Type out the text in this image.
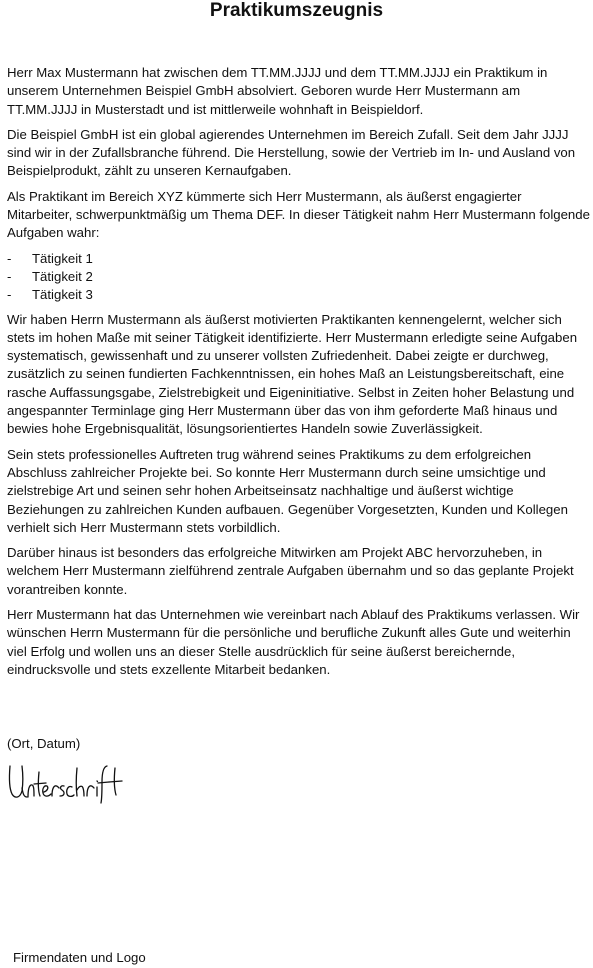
Praktikumszeugnis

Herr Max Mustermann hat zwischen dem TT.MM.JJJJ und dem TT.MM.JJJJ ein Praktikum in unserem Unternehmen Beispiel GmbH absolviert. Geboren wurde Herr Mustermann am TT.MM.JJJJ in Musterstadt und ist mittlerweile wohnhaft in Beispieldorf.

Die Beispiel GmbH ist ein global agierendes Unternehmen im Bereich Zufall. Seit dem Jahr JJJJ sind wir in der Zufallsbranche führend. Die Herstellung, sowie der Vertrieb im In- und Ausland von Beispielprodukt, zählt zu unseren Kernaufgaben.

Als Praktikant im Bereich XYZ kümmerte sich Herr Mustermann, als äußerst engagierter Mitarbeiter, schwerpunktmäßig um Thema DEF. In dieser Tätigkeit nahm Herr Mustermann folgende Aufgaben wahr:

- Tätigkeit 1
- Tätigkeit 2
- Tätigkeit 3

Wir haben Herrn Mustermann als äußerst motivierten Praktikanten kennengelernt, welcher sich stets im hohen Maße mit seiner Tätigkeit identifizierte. Herr Mustermann erledigte seine Aufgaben systematisch, gewissenhaft und zu unserer vollsten Zufriedenheit. Dabei zeigte er durchweg, zusätzlich zu seinen fundierten Fachkenntnissen, ein hohes Maß an Leistungsbereitschaft, eine rasche Auffassungsgabe, Zielstrebigkeit und Eigeninitiative. Selbst in Zeiten hoher Belastung und angespannter Terminlage ging Herr Mustermann über das von ihm geforderte Maß hinaus und bewies hohe Ergebnisqualität, lösungsorientiertes Handeln sowie Zuverlässigkeit.

Sein stets professionelles Auftreten trug während seines Praktikums zu dem erfolgreichen Abschluss zahlreicher Projekte bei. So konnte Herr Mustermann durch seine umsichtige und zielstrebige Art und seinen sehr hohen Arbeitseinsatz nachhaltige und äußerst wichtige Beziehungen zu zahlreichen Kunden aufbauen. Gegenüber Vorgesetzten, Kunden und Kollegen verhielt sich Herr Mustermann stets vorbildlich.

Darüber hinaus ist besonders das erfolgreiche Mitwirken am Projekt ABC hervorzuheben, in welchem Herr Mustermann zielführend zentrale Aufgaben übernahm und so das geplante Projekt vorantreiben konnte.

Herr Mustermann hat das Unternehmen wie vereinbart nach Ablauf des Praktikums verlassen. Wir wünschen Herrn Mustermann für die persönliche und berufliche Zukunft alles Gute und weiterhin viel Erfolg und wollen uns an dieser Stelle ausdrücklich für seine äußerst bereichernde, eindrucksvolle und stets exzellente Mitarbeit bedanken.

(Ort, Datum)
Firmendaten und Logo
